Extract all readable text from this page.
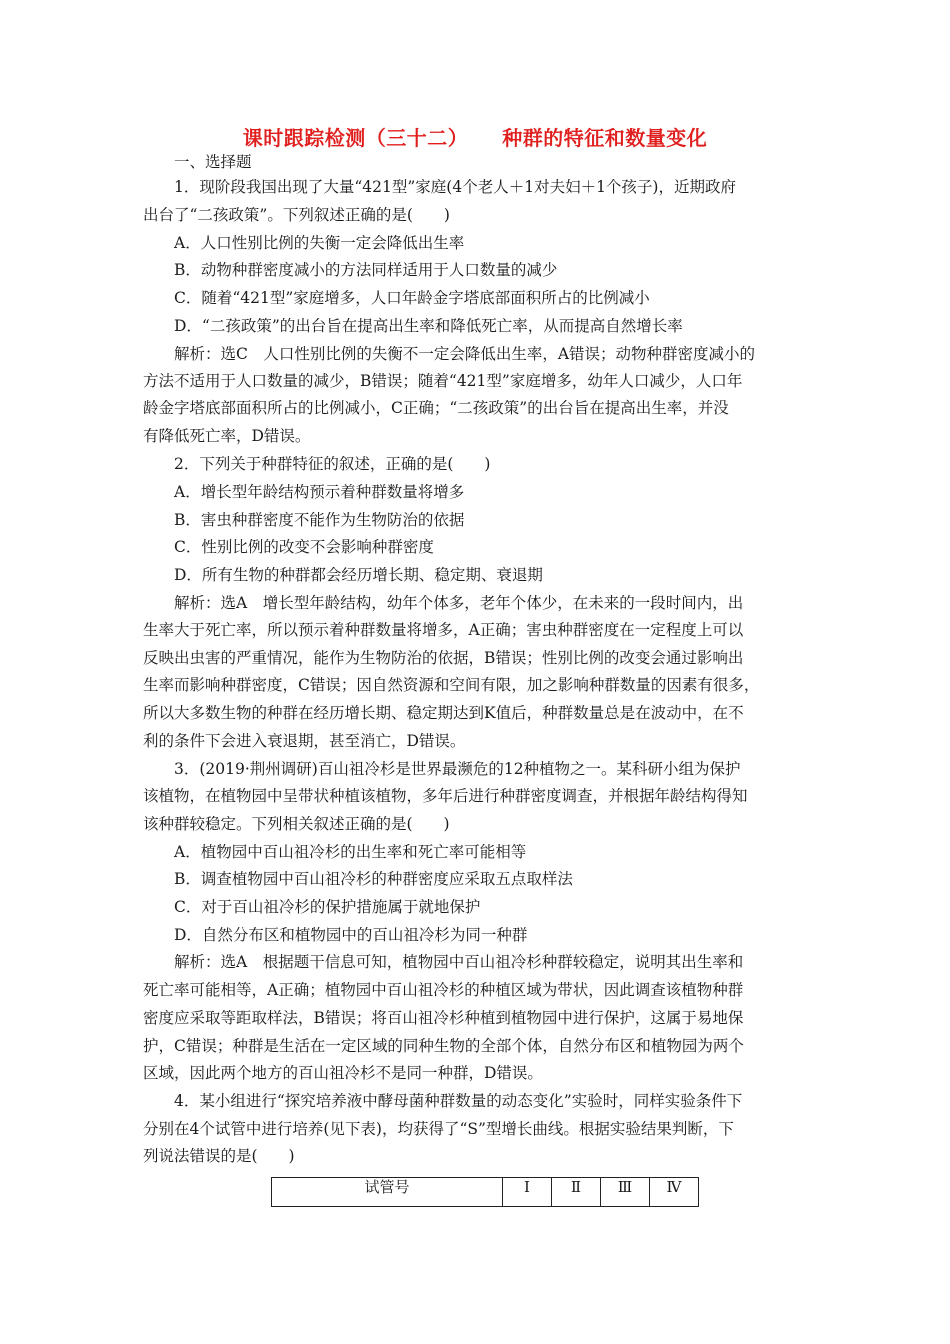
课时跟踪检测（三十二） 种群的特征和数量变化
一、选择题
1．现阶段我国出现了大量“421型”家庭(4个老人＋1对夫妇＋1个孩子)，近期政府
出台了“二孩政策”。下列叙述正确的是(　　)
A．人口性别比例的失衡一定会降低出生率
B．动物种群密度减小的方法同样适用于人口数量的减少
C．随着“421型”家庭增多，人口年龄金字塔底部面积所占的比例减小
D．“二孩政策”的出台旨在提高出生率和降低死亡率，从而提高自然增长率
解析：选C　人口性别比例的失衡不一定会降低出生率，A错误；动物种群密度减小的
方法不适用于人口数量的减少，B错误；随着“421型”家庭增多，幼年人口减少，人口年
龄金字塔底部面积所占的比例减小，C正确；“二孩政策”的出台旨在提高出生率，并没
有降低死亡率，D错误。
2．下列关于种群特征的叙述，正确的是(　　)
A．增长型年龄结构预示着种群数量将增多
B．害虫种群密度不能作为生物防治的依据
C．性别比例的改变不会影响种群密度
D．所有生物的种群都会经历增长期、稳定期、衰退期
解析：选A　增长型年龄结构，幼年个体多，老年个体少，在未来的一段时间内，出
生率大于死亡率，所以预示着种群数量将增多，A正确；害虫种群密度在一定程度上可以
反映出虫害的严重情况，能作为生物防治的依据，B错误；性别比例的改变会通过影响出
生率而影响种群密度，C错误；因自然资源和空间有限，加之影响种群数量的因素有很多，
所以大多数生物的种群在经历增长期、稳定期达到K值后，种群数量总是在波动中，在不
利的条件下会进入衰退期，甚至消亡，D错误。
3．(2019·荆州调研)百山祖冷杉是世界最濒危的12种植物之一。某科研小组为保护
该植物，在植物园中呈带状种植该植物，多年后进行种群密度调查，并根据年龄结构得知
该种群较稳定。下列相关叙述正确的是(　　)
A．植物园中百山祖冷杉的出生率和死亡率可能相等
B．调查植物园中百山祖冷杉的种群密度应采取五点取样法
C．对于百山祖冷杉的保护措施属于就地保护
D．自然分布区和植物园中的百山祖冷杉为同一种群
解析：选A　根据题干信息可知，植物园中百山祖冷杉种群较稳定，说明其出生率和
死亡率可能相等，A正确；植物园中百山祖冷杉的种植区域为带状，因此调查该植物种群
密度应采取等距取样法，B错误；将百山祖冷杉种植到植物园中进行保护，这属于易地保
护，C错误；种群是生活在一定区域的同种生物的全部个体，自然分布区和植物园为两个
区域，因此两个地方的百山祖冷杉不是同一种群，D错误。
4．某小组进行“探究培养液中酵母菌种群数量的动态变化”实验时，同样实验条件下
分别在4个试管中进行培养(见下表)，均获得了“S”型增长曲线。根据实验结果判断，下
列说法错误的是(　　)
试管号	Ⅰ	Ⅱ	Ⅲ	Ⅳ
